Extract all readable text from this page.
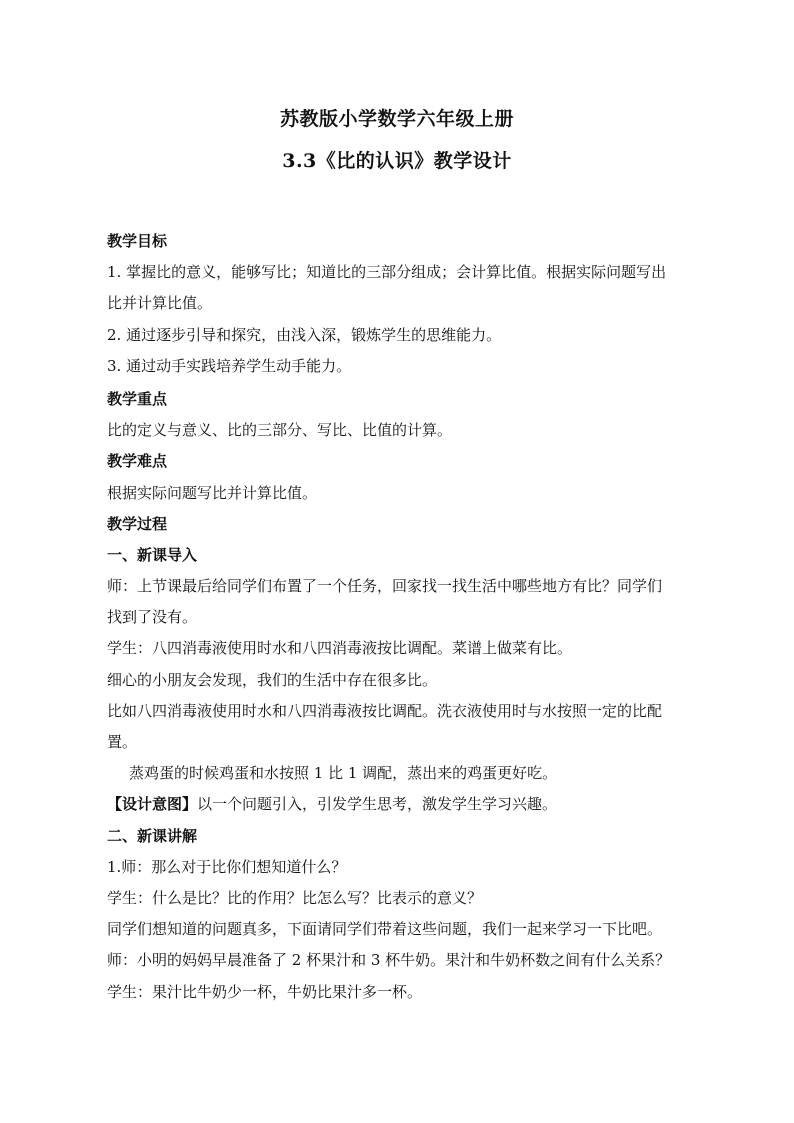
苏教版小学数学六年级上册
3.3《比的认识》教学设计
教学目标
1. 掌握比的意义，能够写比；知道比的三部分组成；会计算比值。根据实际问题写出
比并计算比值。
2. 通过逐步引导和探究，由浅入深，锻炼学生的思维能力。
3. 通过动手实践培养学生动手能力。
教学重点
比的定义与意义、比的三部分、写比、比值的计算。
教学难点
根据实际问题写比并计算比值。
教学过程
一、新课导入
师：上节课最后给同学们布置了一个任务，回家找一找生活中哪些地方有比？同学们
找到了没有。
学生：八四消毒液使用时水和八四消毒液按比调配。菜谱上做菜有比。
细心的小朋友会发现，我们的生活中存在很多比。
比如八四消毒液使用时水和八四消毒液按比调配。洗衣液使用时与水按照一定的比配
置。
蒸鸡蛋的时候鸡蛋和水按照 1 比 1 调配，蒸出来的鸡蛋更好吃。
【设计意图】以一个问题引入，引发学生思考，激发学生学习兴趣。
二、新课讲解
1.师：那么对于比你们想知道什么？
学生：什么是比？比的作用？比怎么写？比表示的意义？
同学们想知道的问题真多，下面请同学们带着这些问题，我们一起来学习一下比吧。
师：小明的妈妈早晨准备了 2 杯果汁和 3 杯牛奶。果汁和牛奶杯数之间有什么关系？
学生：果汁比牛奶少一杯，牛奶比果汁多一杯。
